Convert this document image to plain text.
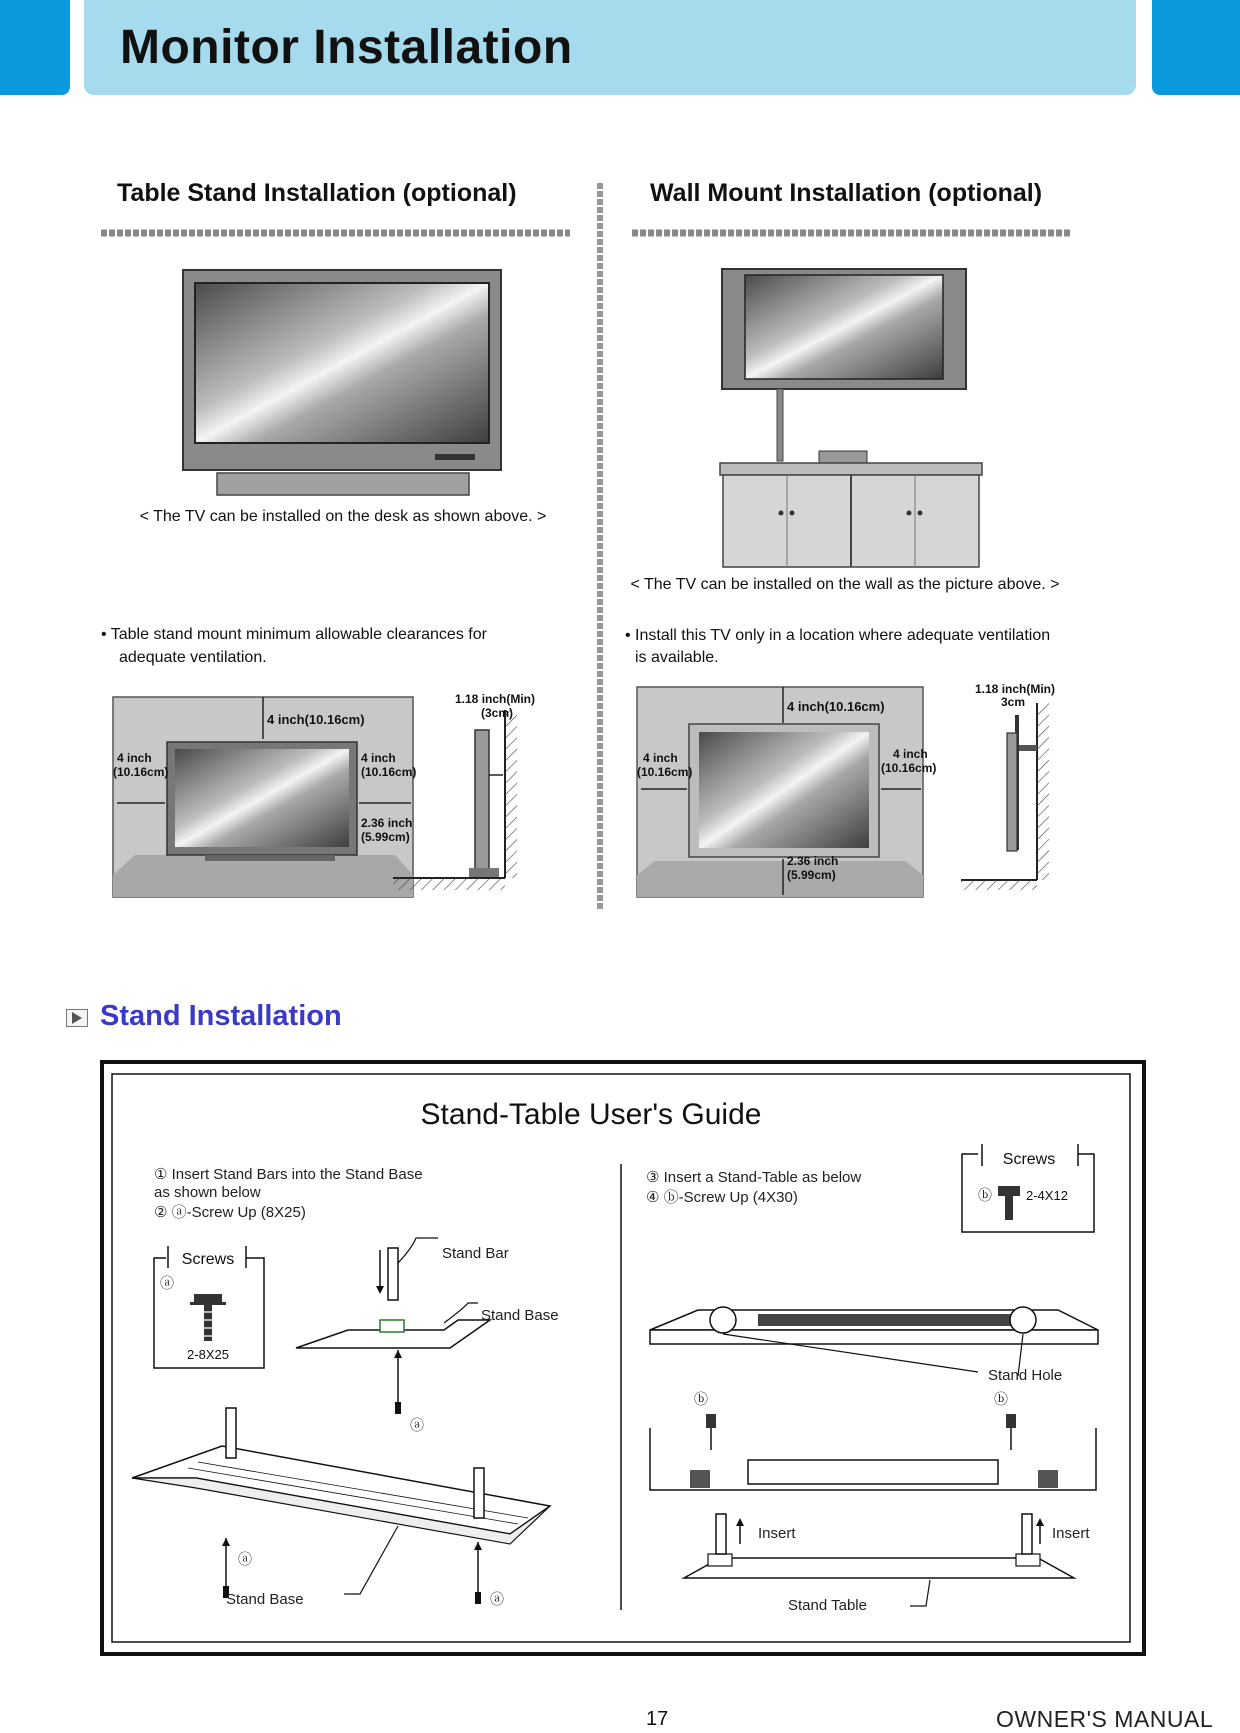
Monitor Installation
Table Stand Installation (optional)
< The TV can be installed on the desk as shown above. >
• Table stand mount minimum allowable clearances for
adequate ventilation.
4 inch(10.16cm)
4 inch
(10.16cm)
4 inch
(10.16cm)
2.36 inch
(5.99cm)
1.18 inch(Min)
(3cm)
Wall Mount Installation (optional)
< The TV can be installed on the wall as the picture above. >
• Install this TV only in a location where adequate ventilation
is available.
4 inch(10.16cm)
4 inch
(10.16cm)
4 inch
(10.16cm)
2.36 inch
(5.99cm)
1.18 inch(Min)
3cm
Stand Installation
Stand-Table User's Guide
① Insert Stand Bars into the Stand Base
as shown below
② ⓐ-Screw Up (8X25)
③ Insert a Stand-Table as below
④ ⓑ-Screw Up (4X30)
Screws
ⓐ
2-8X25
Stand Bar
Stand Base
ⓐ
ⓐ
ⓐ
Stand Base
Screws
ⓑ	2-4X12
Stand Hole
ⓑ	ⓑ
Insert	Insert
Stand Table
17	OWNER'S MANUAL
